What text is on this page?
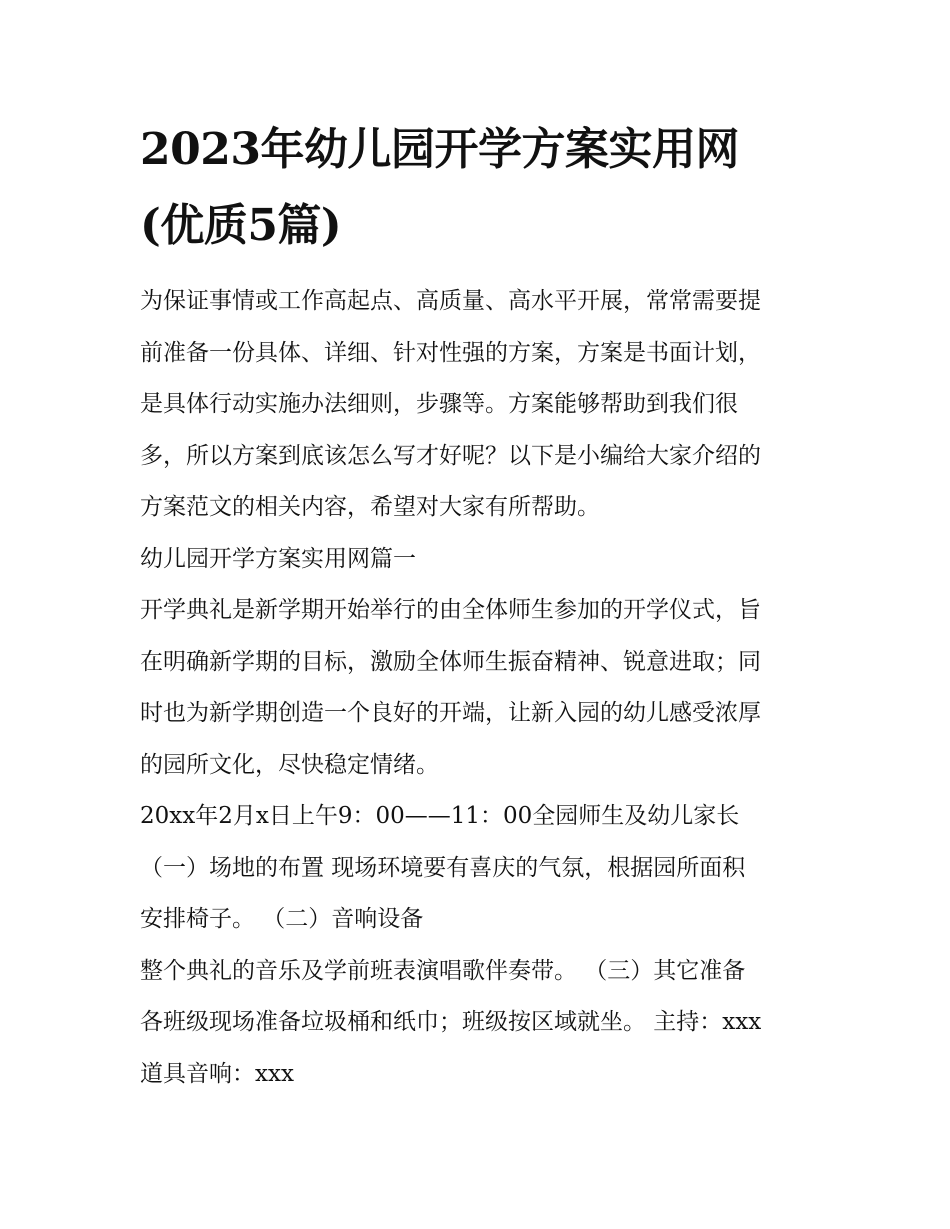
2023年幼儿园开学方案实用网
(优质5篇)
为保证事情或工作高起点、高质量、高水平开展，常常需要提
前准备一份具体、详细、针对性强的方案，方案是书面计划，
是具体行动实施办法细则，步骤等。方案能够帮助到我们很
多，所以方案到底该怎么写才好呢？以下是小编给大家介绍的
方案范文的相关内容，希望对大家有所帮助。
幼儿园开学方案实用网篇一
开学典礼是新学期开始举行的由全体师生参加的开学仪式，旨
在明确新学期的目标，激励全体师生振奋精神、锐意进取；同
时也为新学期创造一个良好的开端，让新入园的幼儿感受浓厚
的园所文化，尽快稳定情绪。
20xx年2月x日上午9：00——11：00全园师生及幼儿家长
（一）场地的布置 现场环境要有喜庆的气氛，根据园所面积
安排椅子。 （二）音响设备
整个典礼的音乐及学前班表演唱歌伴奏带。 （三）其它准备
各班级现场准备垃圾桶和纸巾；班级按区域就坐。 主持：xxx
道具音响：xxx
